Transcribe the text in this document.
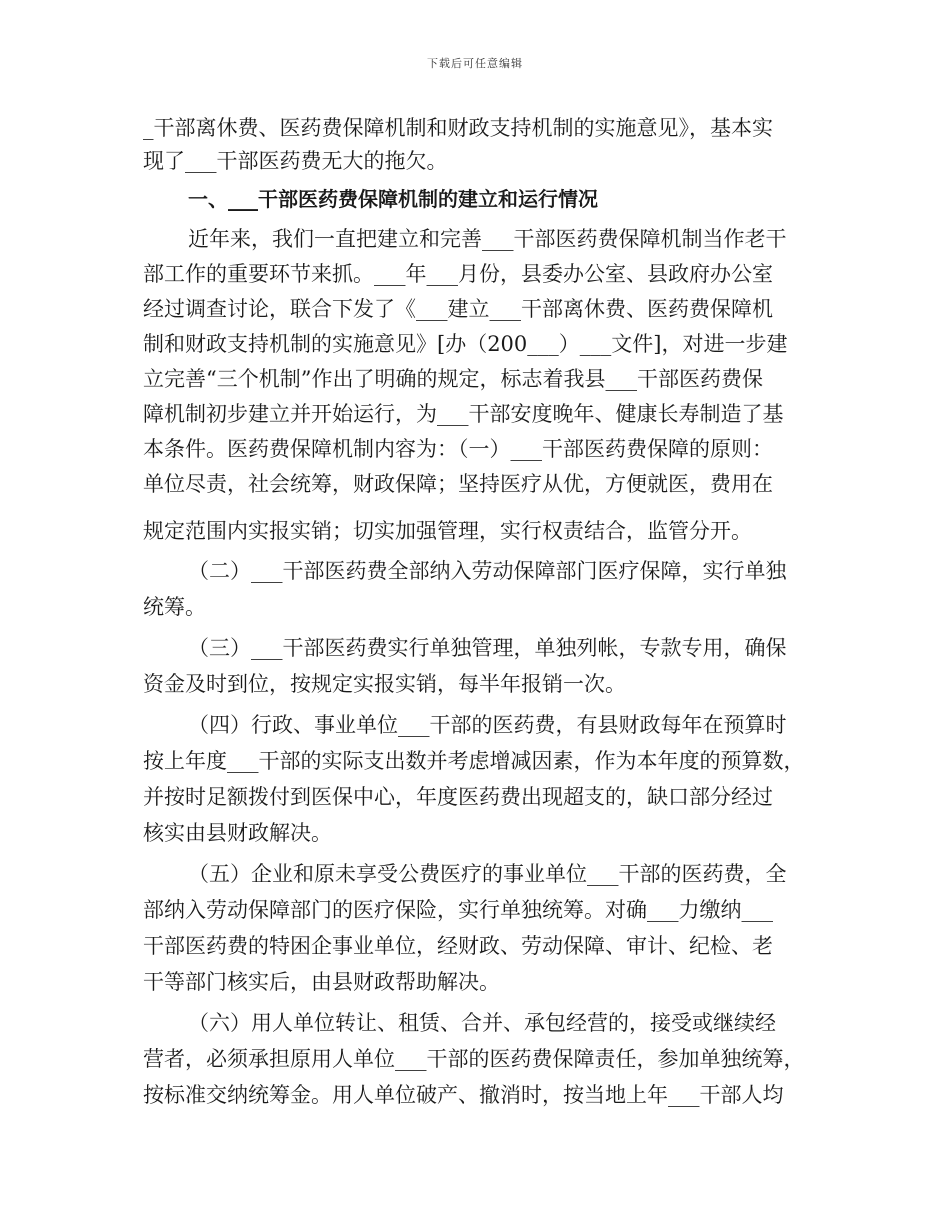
下载后可任意编辑
_干部离休费、医药费保障机制和财政支持机制的实施意见》，基本实
现了___干部医药费无大的拖欠。
一、___干部医药费保障机制的建立和运行情况
近年来，我们一直把建立和完善___干部医药费保障机制当作老干
部工作的重要环节来抓。___年___月份，县委办公室、县政府办公室
经过调查讨论，联合下发了《___建立___干部离休费、医药费保障机
制和财政支持机制的实施意见》[办（200___）___文件]，对进一步建
立完善“三个机制”作出了明确的规定，标志着我县___干部医药费保
障机制初步建立并开始运行，为___干部安度晚年、健康长寿制造了基
本条件。医药费保障机制内容为：（一）___干部医药费保障的原则：
单位尽责，社会统筹，财政保障；坚持医疗从优，方便就医，费用在
规定范围内实报实销；切实加强管理，实行权责结合，监管分开。
（二）___干部医药费全部纳入劳动保障部门医疗保障，实行单独
统筹。
（三）___干部医药费实行单独管理，单独列帐，专款专用，确保
资金及时到位，按规定实报实销，每半年报销一次。
（四）行政、事业单位___干部的医药费，有县财政每年在预算时
按上年度___干部的实际支出数并考虑增减因素，作为本年度的预算数，
并按时足额拨付到医保中心，年度医药费出现超支的，缺口部分经过
核实由县财政解决。
（五）企业和原未享受公费医疗的事业单位___干部的医药费，全
部纳入劳动保障部门的医疗保险，实行单独统筹。对确___力缴纳___
干部医药费的特困企事业单位，经财政、劳动保障、审计、纪检、老
干等部门核实后，由县财政帮助解决。
（六）用人单位转让、租赁、合并、承包经营的，接受或继续经
营者，必须承担原用人单位___干部的医药费保障责任，参加单独统筹，
按标准交纳统筹金。用人单位破产、撤消时，按当地上年___干部人均
